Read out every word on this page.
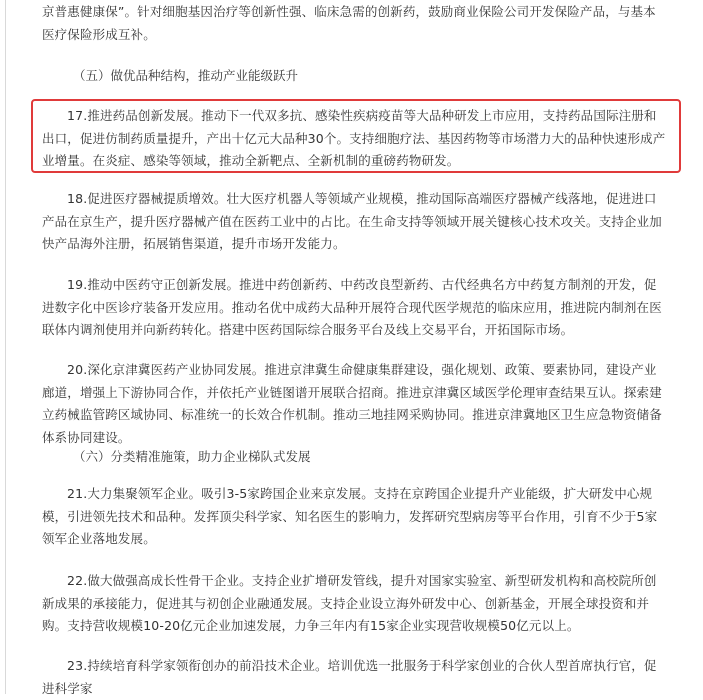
京普惠健康保”。针对细胞基因治疗等创新性强、临床急需的创新药，鼓励商业保险公司开发保险产品，与基本医疗保险形成互补。

（五）做优品种结构，推动产业能级跃升

17.推进药品创新发展。推动下一代双多抗、感染性疾病疫苗等大品种研发上市应用，支持药品国际注册和出口，促进仿制药质量提升，产出十亿元大品种30个。支持细胞疗法、基因药物等市场潜力大的品种快速形成产业增量。在炎症、感染等领域，推动全新靶点、全新机制的重磅药物研发。

18.促进医疗器械提质增效。壮大医疗机器人等领域产业规模，推动国际高端医疗器械产线落地，促进进口产品在京生产，提升医疗器械产值在医药工业中的占比。在生命支持等领域开展关键核心技术攻关。支持企业加快产品海外注册，拓展销售渠道，提升市场开发能力。

19.推动中医药守正创新发展。推进中药创新药、中药改良型新药、古代经典名方中药复方制剂的开发，促进数字化中医诊疗装备开发应用。推动名优中成药大品种开展符合现代医学规范的临床应用，推进院内制剂在医联体内调剂使用并向新药转化。搭建中医药国际综合服务平台及线上交易平台，开拓国际市场。

20.深化京津冀医药产业协同发展。推进京津冀生命健康集群建设，强化规划、政策、要素协同，建设产业廊道，增强上下游协同合作，并依托产业链图谱开展联合招商。推进京津冀区域医学伦理审查结果互认。探索建立药械监管跨区域协同、标准统一的长效合作机制。推动三地挂网采购协同。推进京津冀地区卫生应急物资储备体系协同建设。

（六）分类精准施策，助力企业梯队式发展

21.大力集聚领军企业。吸引3-5家跨国企业来京发展。支持在京跨国企业提升产业能级，扩大研发中心规模，引进领先技术和品种。发挥顶尖科学家、知名医生的影响力，发挥研究型病房等平台作用，引育不少于5家领军企业落地发展。

22.做大做强高成长性骨干企业。支持企业扩增研发管线，提升对国家实验室、新型研发机构和高校院所创新成果的承接能力，促进其与初创企业融通发展。支持企业设立海外研发中心、创新基金，开展全球投资和并购。支持营收规模10-20亿元企业加速发展，力争三年内有15家企业实现营收规模50亿元以上。

23.持续培育科学家领衔创办的前沿技术企业。培训优选一批服务于科学家创业的合伙人型首席执行官，促进科学家
